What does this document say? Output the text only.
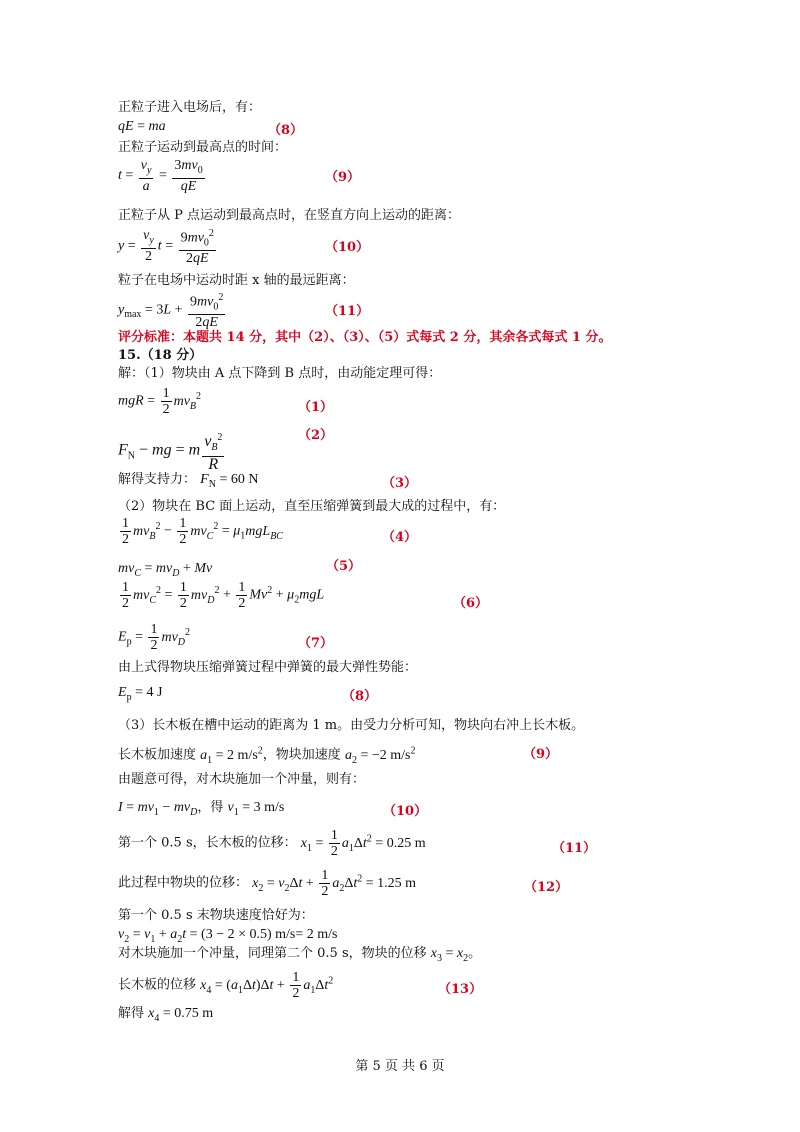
正粒子进入电场后，有：
qE = ma	（8）
正粒子运动到最高点的时间：
$t = \frac{v_y}{a} = \frac{3mv_0}{qE}$	（9）
正粒子从 P 点运动到最高点时，在竖直方向上运动的距离：
$y = \frac{v_y}{2}$ $t = \frac{9mv_0^2}{2qE}$	（10）
粒子在电场中运动时距 x 轴的最远距离：
$y_{max} = 3L + \frac{9mv_0^2}{2qE}$	（11）
评分标准：本题共 14 分，其中（2）、（3）、（5）式每式 2 分，其余各式每式 1 分。
15.（18 分）
解：（1）物块由 A 点下降到 B 点时，由动能定理可得：
mgR = $\frac{1}{2} mv_B^2$
（1）
$F_N$ − mg = m $\frac{v_B^2}{R}$	（2）
解得支持力： $F_N = 60$ N	（3）
（2）物块在 BC 面上运动，直至压缩弹簧到最大成的过程中，有：
$\frac{1}{2} mv_B^2 - \frac{1}{2} mv_C^2 = \mu_1mgL_{BC}$	（4）
$mv_C = mv_D + Mv$	（5）
$\frac{1}{2} mv_C^2 = \frac{1}{2} mv_D^2 + \frac{1}{2} Mv^2 + \mu_2mgL$
（6）
$E_p = \frac{1}{2} mv_D^2$
（7）
由上式得物块压缩弹簧过程中弹簧的最大弹性势能：
$E_p = 4$ J	（8）
（3）长木板在槽中运动的距离为 1 m。由受力分析可知，物块向右冲上长木板。
长木板加速度 $a_1 = 2$ $m/s^2$，物块加速度 $a_2 = -2$ $m/s^2$	（9）
由题意可得，对木块施加一个冲量，则有：
$I = mv_1 - mv_D$，得 $v_1 = 3$ m/s	（10）
第一个 0.5 s，长木板的位移： $x_1 = \frac{1}{2} a_1\Delta t^2 = 0.25$ m	（11）
此过程中物块的位移： $x_2 = v_2\Delta t + \frac{1}{2} a_2\Delta t^2 = 1.25$ m	（12）
第一个 0.5 s 末物块速度恰好为：
$v_2 = v_1 + a_2t = (3 - 2 \times 0.5)$ m/s= 2 m/s
对木块施加一个冲量，同理第二个 0.5 s，物块的位移 $x_3 = x_2$。
长木板的位移 $x_4 = (a_1\Delta t)\Delta t + \frac{1}{2} a_1\Delta t^2$
（13）
解得 $x_4 = 0.75$ m
第 5 页 共 6 页
